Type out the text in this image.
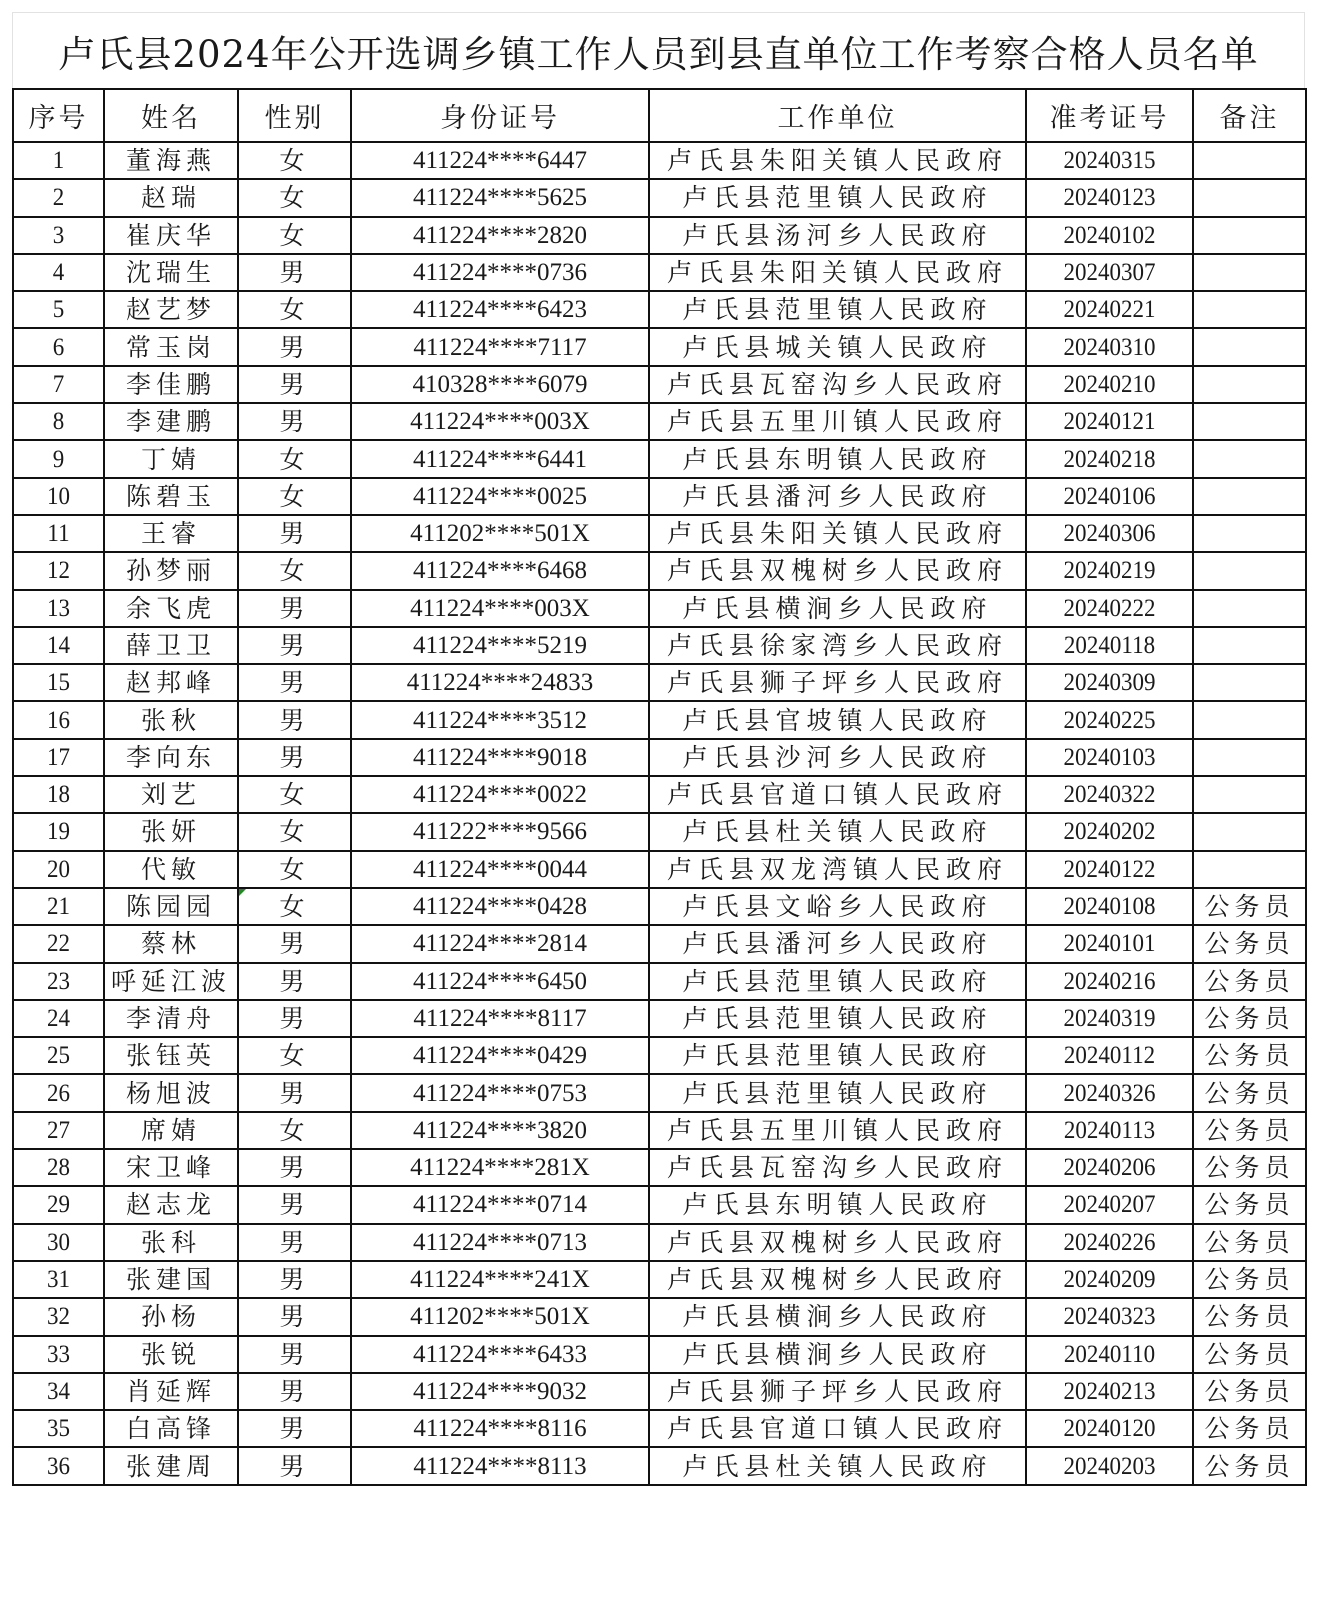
卢氏县2024年公开选调乡镇工作人员到县直单位工作考察合格人员名单
序号	姓名	性别	身份证号	工作单位	准考证号	备注
1	董海燕	女	411224****6447	卢氏县朱阳关镇人民政府	20240315	
2	赵瑞	女	411224****5625	卢氏县范里镇人民政府	20240123	
3	崔庆华	女	411224****2820	卢氏县汤河乡人民政府	20240102	
4	沈瑞生	男	411224****0736	卢氏县朱阳关镇人民政府	20240307	
5	赵艺梦	女	411224****6423	卢氏县范里镇人民政府	20240221	
6	常玉岗	男	411224****7117	卢氏县城关镇人民政府	20240310	
7	李佳鹏	男	410328****6079	卢氏县瓦窑沟乡人民政府	20240210	
8	李建鹏	男	411224****003X	卢氏县五里川镇人民政府	20240121	
9	丁婧	女	411224****6441	卢氏县东明镇人民政府	20240218	
10	陈碧玉	女	411224****0025	卢氏县潘河乡人民政府	20240106	
11	王睿	男	411202****501X	卢氏县朱阳关镇人民政府	20240306	
12	孙梦丽	女	411224****6468	卢氏县双槐树乡人民政府	20240219	
13	余飞虎	男	411224****003X	卢氏县横涧乡人民政府	20240222	
14	薛卫卫	男	411224****5219	卢氏县徐家湾乡人民政府	20240118	
15	赵邦峰	男	411224****24833	卢氏县狮子坪乡人民政府	20240309	
16	张秋	男	411224****3512	卢氏县官坡镇人民政府	20240225	
17	李向东	男	411224****9018	卢氏县沙河乡人民政府	20240103	
18	刘艺	女	411224****0022	卢氏县官道口镇人民政府	20240322	
19	张妍	女	411222****9566	卢氏县杜关镇人民政府	20240202	
20	代敏	女	411224****0044	卢氏县双龙湾镇人民政府	20240122	
21	陈园园	女	411224****0428	卢氏县文峪乡人民政府	20240108	公务员
22	蔡林	男	411224****2814	卢氏县潘河乡人民政府	20240101	公务员
23	呼延江波	男	411224****6450	卢氏县范里镇人民政府	20240216	公务员
24	李清舟	男	411224****8117	卢氏县范里镇人民政府	20240319	公务员
25	张钰英	女	411224****0429	卢氏县范里镇人民政府	20240112	公务员
26	杨旭波	男	411224****0753	卢氏县范里镇人民政府	20240326	公务员
27	席婧	女	411224****3820	卢氏县五里川镇人民政府	20240113	公务员
28	宋卫峰	男	411224****281X	卢氏县瓦窑沟乡人民政府	20240206	公务员
29	赵志龙	男	411224****0714	卢氏县东明镇人民政府	20240207	公务员
30	张科	男	411224****0713	卢氏县双槐树乡人民政府	20240226	公务员
31	张建国	男	411224****241X	卢氏县双槐树乡人民政府	20240209	公务员
32	孙杨	男	411202****501X	卢氏县横涧乡人民政府	20240323	公务员
33	张锐	男	411224****6433	卢氏县横涧乡人民政府	20240110	公务员
34	肖延辉	男	411224****9032	卢氏县狮子坪乡人民政府	20240213	公务员
35	白高锋	男	411224****8116	卢氏县官道口镇人民政府	20240120	公务员
36	张建周	男	411224****8113	卢氏县杜关镇人民政府	20240203	公务员
